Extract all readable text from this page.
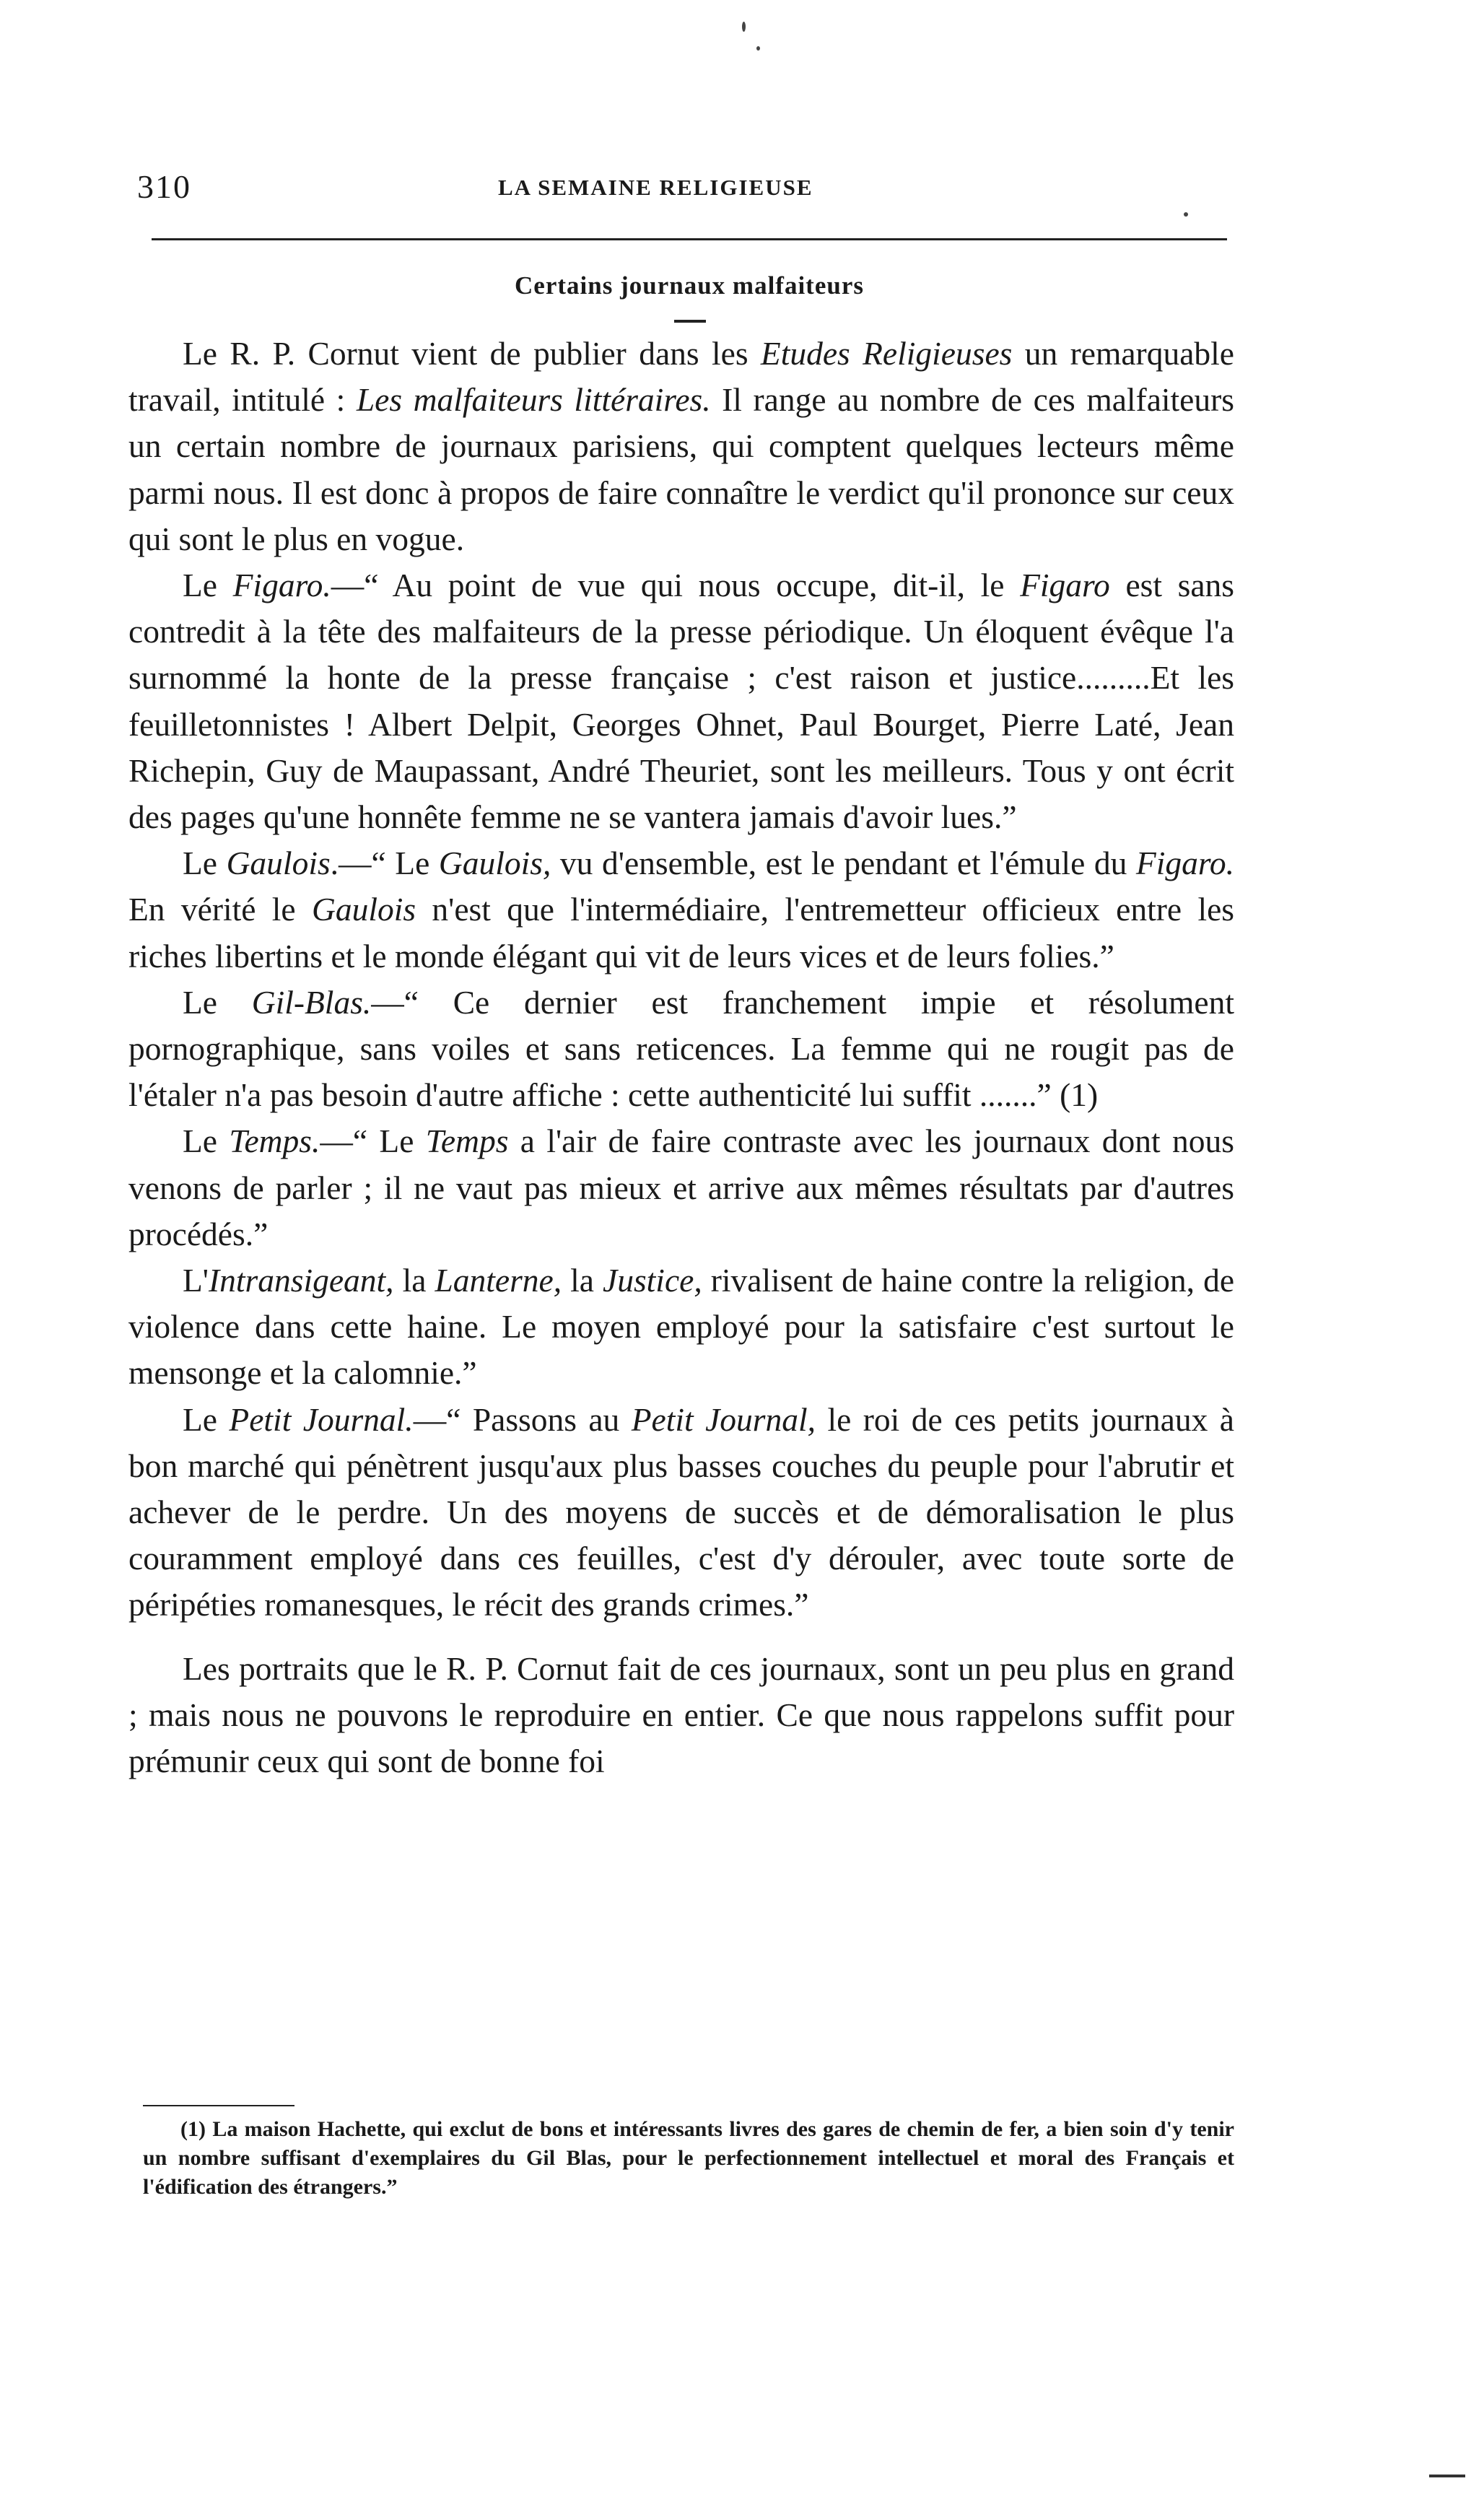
310	LA SEMAINE RELIGIEUSE
Certains journaux malfaiteurs

Le R. P. Cornut vient de publier dans les Etudes Religieuses un remarquable travail, intitulé : Les malfaiteurs littéraires. Il range au nombre de ces malfaiteurs un certain nombre de journaux parisiens, qui comptent quelques lecteurs même parmi nous. Il est donc à propos de faire connaître le verdict qu'il prononce sur ceux qui sont le plus en vogue.

Le Figaro.—“ Au point de vue qui nous occupe, dit-il, le Figaro est sans contredit à la tête des malfaiteurs de la presse périodique. Un éloquent évêque l'a surnommé la honte de la presse française ; c'est raison et justice.........Et les feuilletonnistes ! Albert Delpit, Georges Ohnet, Paul Bourget, Pierre Laté, Jean Richepin, Guy de Maupassant, André Theuriet, sont les meilleurs. Tous y ont écrit des pages qu'une honnête femme ne se vantera jamais d'avoir lues.”

Le Gaulois.—“ Le Gaulois, vu d'ensemble, est le pendant et l'émule du Figaro. En vérité le Gaulois n'est que l'intermédiaire, l'entremetteur officieux entre les riches libertins et le monde élégant qui vit de leurs vices et de leurs folies.”

Le Gil-Blas.—“ Ce dernier est franchement impie et résolument pornographique, sans voiles et sans reticences. La femme qui ne rougit pas de l'étaler n'a pas besoin d'autre affiche : cette authenticité lui suffit .......” (1)

Le Temps.—“ Le Temps a l'air de faire contraste avec les journaux dont nous venons de parler ; il ne vaut pas mieux et arrive aux mêmes résultats par d'autres procédés.”

L'Intransigeant, la Lanterne, la Justice, rivalisent de haine contre la religion, de violence dans cette haine. Le moyen employé pour la satisfaire c'est surtout le mensonge et la calomnie.”

Le Petit Journal.—“ Passons au Petit Journal, le roi de ces petits journaux à bon marché qui pénètrent jusqu'aux plus basses couches du peuple pour l'abrutir et achever de le perdre. Un des moyens de succès et de démoralisation le plus couramment employé dans ces feuilles, c'est d'y dérouler, avec toute sorte de péripéties romanesques, le récit des grands crimes.”

Les portraits que le R. P. Cornut fait de ces journaux, sont un peu plus en grand ; mais nous ne pouvons le reproduire en entier. Ce que nous rappelons suffit pour prémunir ceux qui sont de bonne foi

(1) La maison Hachette, qui exclut de bons et intéressants livres des gares de chemin de fer, a bien soin d'y tenir un nombre suffisant d'exemplaires du Gil Blas, pour le perfectionnement intellectuel et moral des Français et l'édification des étrangers.”
